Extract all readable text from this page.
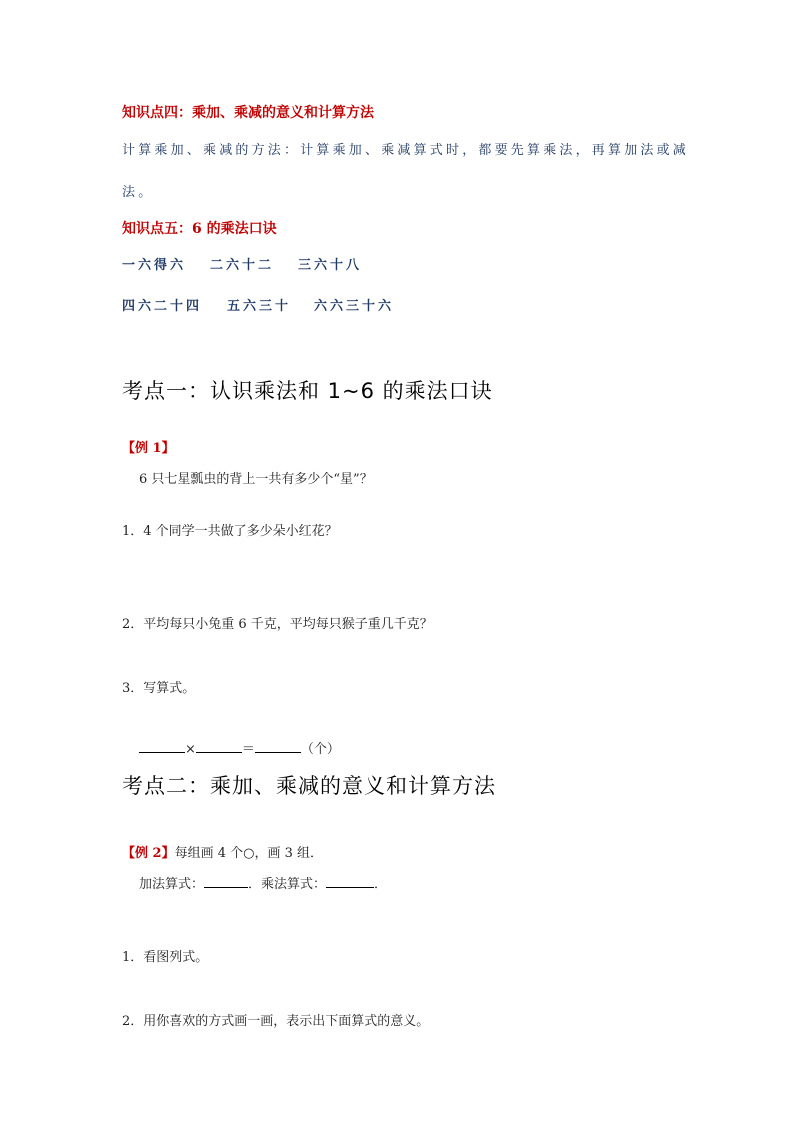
知识点四：乘加、乘减的意义和计算方法
计算乘加、乘减的方法：计算乘加、乘减算式时，都要先算乘法，再算加法或减
法。
知识点五：6 的乘法口诀
一六得六 二六十二 三六十八
四六二十四 五六三十 六六三十六
考点一：认识乘法和 1~6 的乘法口诀
【例 1】
6 只七星瓢虫的背上一共有多少个“星”？
1．4 个同学一共做了多少朵小红花？
2．平均每只小兔重 6 千克，平均每只猴子重几千克？
3．写算式。
×	＝	（个）
考点二：乘加、乘减的意义和计算方法
【例 2】每组画 4 个○，画 3 组．
加法算式：	．乘法算式：	．
1．看图列式。
2．用你喜欢的方式画一画，表示出下面算式的意义。
